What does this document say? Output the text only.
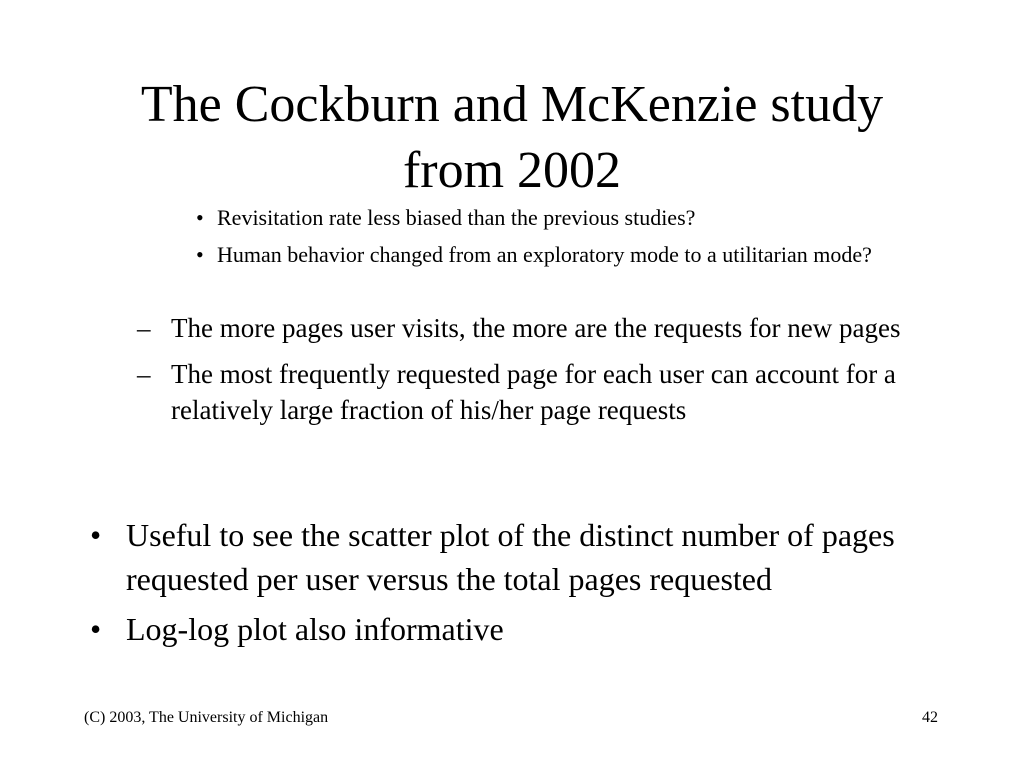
The Cockburn and McKenzie study
from 2002
• Revisitation rate less biased than the previous studies?
• Human behavior changed from an exploratory mode to a utilitarian mode?
– The more pages user visits, the more are the requests for new pages
– The most frequently requested page for each user can account for a relatively large fraction of his/her page requests
• Useful to see the scatter plot of the distinct number of pages requested per user versus the total pages requested
• Log-log plot also informative
(C) 2003, The University of Michigan	42
